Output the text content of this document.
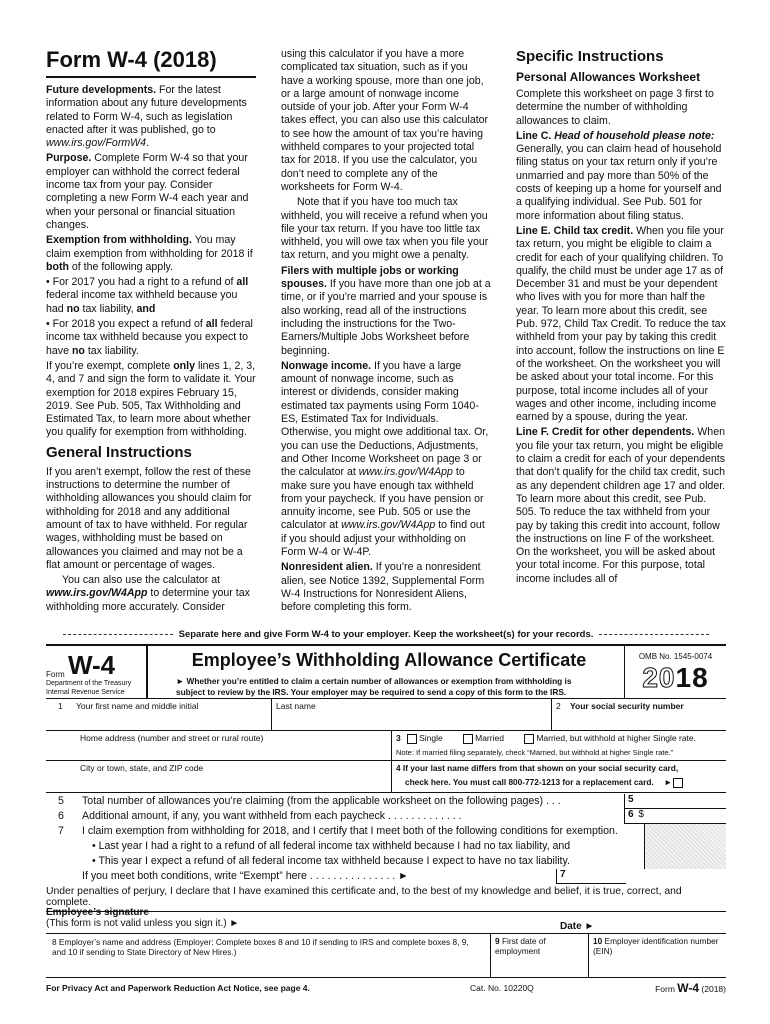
Form W-4 (2018)

Future developments. For the latest information about any future developments related to Form W-4, such as legislation enacted after it was published, go to www.irs.gov/FormW4.

Purpose. Complete Form W-4 so that your employer can withhold the correct federal income tax from your pay. Consider completing a new Form W-4 each year and when your personal or financial situation changes.

Exemption from withholding. You may claim exemption from withholding for 2018 if both of the following apply.

• For 2017 you had a right to a refund of all federal income tax withheld because you had no tax liability, and

• For 2018 you expect a refund of all federal income tax withheld because you expect to have no tax liability.

If you’re exempt, complete only lines 1, 2, 3, 4, and 7 and sign the form to validate it. Your exemption for 2018 expires February 15, 2019. See Pub. 505, Tax Withholding and Estimated Tax, to learn more about whether you qualify for exemption from withholding.

General Instructions

If you aren’t exempt, follow the rest of these instructions to determine the number of withholding allowances you should claim for withholding for 2018 and any additional amount of tax to have withheld. For regular wages, withholding must be based on allowances you claimed and may not be a flat amount or percentage of wages.

You can also use the calculator at www.irs.gov/W4App to determine your tax withholding more accurately. Consider

using this calculator if you have a more complicated tax situation, such as if you have a working spouse, more than one job, or a large amount of nonwage income outside of your job. After your Form W-4 takes effect, you can also use this calculator to see how the amount of tax you’re having withheld compares to your projected total tax for 2018. If you use the calculator, you don’t need to complete any of the worksheets for Form W-4.

Note that if you have too much tax withheld, you will receive a refund when you file your tax return. If you have too little tax withheld, you will owe tax when you file your tax return, and you might owe a penalty.

Filers with multiple jobs or working spouses. If you have more than one job at a time, or if you’re married and your spouse is also working, read all of the instructions including the instructions for the Two-Earners/Multiple Jobs Worksheet before beginning.

Nonwage income. If you have a large amount of nonwage income, such as interest or dividends, consider making estimated tax payments using Form 1040-ES, Estimated Tax for Individuals. Otherwise, you might owe additional tax. Or, you can use the Deductions, Adjustments, and Other Income Worksheet on page 3 or the calculator at www.irs.gov/W4App to make sure you have enough tax withheld from your paycheck. If you have pension or annuity income, see Pub. 505 or use the calculator at www.irs.gov/W4App to find out if you should adjust your withholding on Form W-4 or W-4P.

Nonresident alien. If you’re a nonresident alien, see Notice 1392, Supplemental Form W-4 Instructions for Nonresident Aliens, before completing this form.

Specific Instructions
Personal Allowances Worksheet

Complete this worksheet on page 3 first to determine the number of withholding allowances to claim.

Line C. Head of household please note: Generally, you can claim head of household filing status on your tax return only if you’re unmarried and pay more than 50% of the costs of keeping up a home for yourself and a qualifying individual. See Pub. 501 for more information about filing status.

Line E. Child tax credit. When you file your tax return, you might be eligible to claim a credit for each of your qualifying children. To qualify, the child must be under age 17 as of December 31 and must be your dependent who lives with you for more than half the year. To learn more about this credit, see Pub. 972, Child Tax Credit. To reduce the tax withheld from your pay by taking this credit into account, follow the instructions on line E of the worksheet. On the worksheet you will be asked about your total income. For this purpose, total income includes all of your wages and other income, including income earned by a spouse, during the year.

Line F. Credit for other dependents. When you file your tax return, you might be eligible to claim a credit for each of your dependents that don’t qualify for the child tax credit, such as any dependent children age 17 and older. To learn more about this credit, see Pub. 505. To reduce the tax withheld from your pay by taking this credit into account, follow the instructions on line F of the worksheet. On the worksheet, you will be asked about your total income. For this purpose, total income includes all of

Separate here and give Form W-4 to your employer. Keep the worksheet(s) for your records.
Form W-4
Department of the Treasury
Internal Revenue Service
Employee’s Withholding Allowance Certificate
► Whether you’re entitled to claim a certain number of allowances or exemption from withholding is
subject to review by the IRS. Your employer may be required to send a copy of this form to the IRS.
OMB No. 1545-0074
2018
1 Your first name and middle initial	Last name	2 Your social security number
Home address (number and street or rural route)	3 Single	Married	Married, but withhold at higher Single rate.
Note: If married filing separately, check “Married, but withhold at higher Single rate.”
City or town, state, and ZIP code	4 If your last name differs from that shown on your social security card,
check here. You must call 800-772-1213 for a replacement card. ►
5 Total number of allowances you’re claiming (from the applicable worksheet on the following pages) . . .	5
6 Additional amount, if any, you want withheld from each paycheck . . . . . . . . . . . . .	6 $
7 I claim exemption from withholding for 2018, and I certify that I meet both of the following conditions for exemption.
• Last year I had a right to a refund of all federal income tax withheld because I had no tax liability, and
• This year I expect a refund of all federal income tax withheld because I expect to have no tax liability.
If you meet both conditions, write “Exempt” here . . . . . . . . . . . . . . . ►	7
Under penalties of perjury, I declare that I have examined this certificate and, to the best of my knowledge and belief, it is true, correct, and complete.
Employee’s signature
(This form is not valid unless you sign it.) ►	Date ►
8 Employer’s name and address (Employer: Complete boxes 8 and 10 if sending to IRS and complete boxes 8, 9, and 10 if sending to State Directory of New Hires.)
9 First date of employment
10 Employer identification number (EIN)
For Privacy Act and Paperwork Reduction Act Notice, see page 4.	Cat. No. 10220Q	Form W-4 (2018)
